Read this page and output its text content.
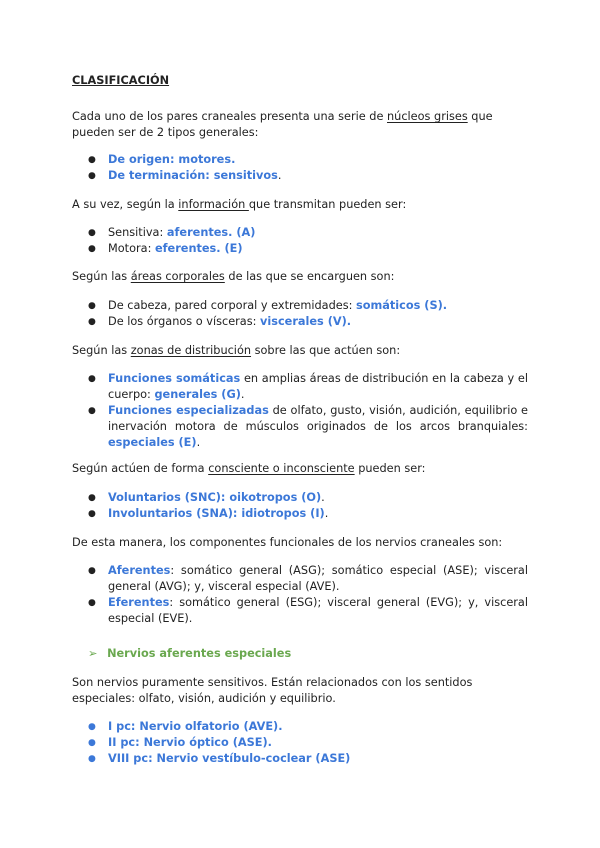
CLASIFICACIÓN

Cada uno de los pares craneales presenta una serie de núcleos grises que pueden ser de 2 tipos generales:

● De origen: motores.
● De terminación: sensitivos.

A su vez, según la información que transmitan pueden ser:

● Sensitiva: aferentes. (A)
● Motora: eferentes. (E)

Según las áreas corporales de las que se encarguen son:

● De cabeza, pared corporal y extremidades: somáticos (S).
● De los órganos o vísceras: viscerales (V).

Según las zonas de distribución sobre las que actúen son:

● Funciones somáticas en amplias áreas de distribución en la cabeza y el cuerpo: generales (G).
● Funciones especializadas de olfato, gusto, visión, audición, equilibrio e inervación motora de músculos originados de los arcos branquiales: especiales (E).

Según actúen de forma consciente o inconsciente pueden ser:

● Voluntarios (SNC): oikotropos (O).
● Involuntarios (SNA): idiotropos (I).

De esta manera, los componentes funcionales de los nervios craneales son:

● Aferentes: somático general (ASG); somático especial (ASE); visceral general (AVG); y, visceral especial (AVE).
● Eferentes: somático general (ESG); visceral general (EVG); y, visceral especial (EVE).
➢ Nervios aferentes especiales

Son nervios puramente sensitivos. Están relacionados con los sentidos especiales: olfato, visión, audición y equilibrio.

● I pc: Nervio olfatorio (AVE).
● II pc: Nervio óptico (ASE).
● VIII pc: Nervio vestíbulo-coclear (ASE)
